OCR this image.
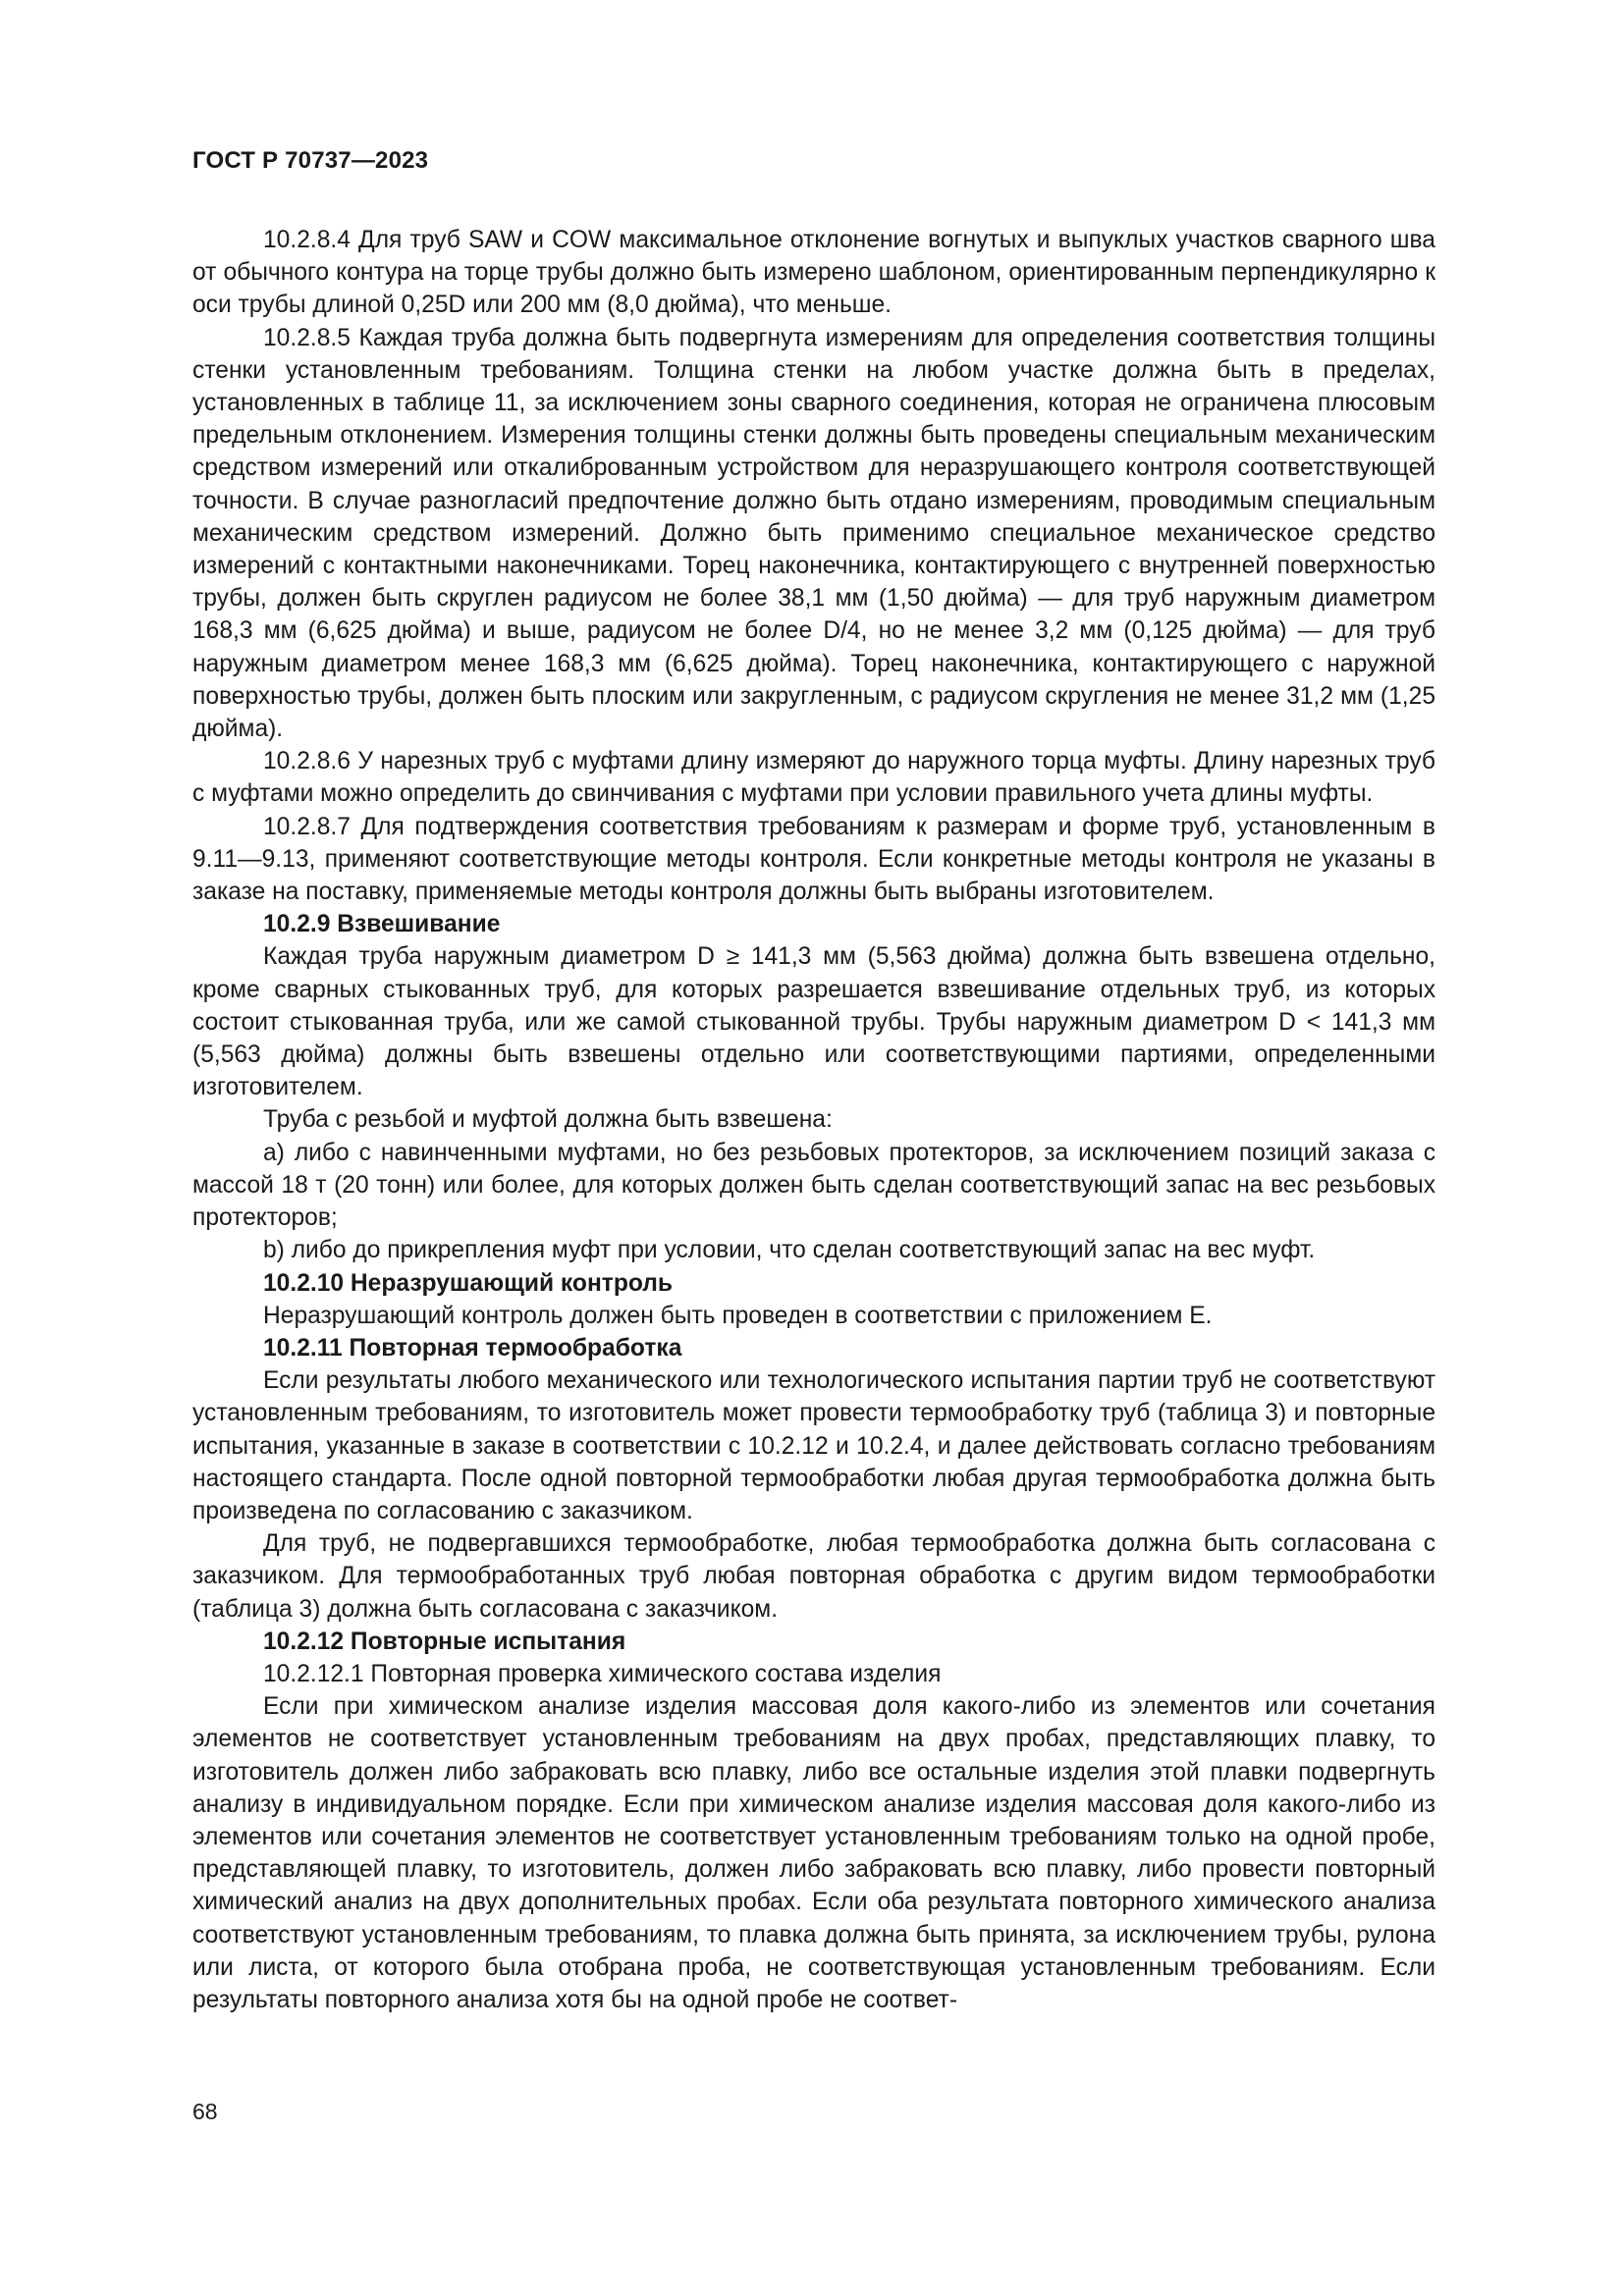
ГОСТ Р 70737—2023

10.2.8.4 Для труб SAW и COW максимальное отклонение вогнутых и выпуклых участков сварного шва от обычного контура на торце трубы должно быть измерено шаблоном, ориентированным перпендикулярно к оси трубы длиной 0,25D или 200 мм (8,0 дюйма), что меньше.

10.2.8.5 Каждая труба должна быть подвергнута измерениям для определения соответствия толщины стенки установленным требованиям. Толщина стенки на любом участке должна быть в пределах, установленных в таблице 11, за исключением зоны сварного соединения, которая не ограничена плюсовым предельным отклонением. Измерения толщины стенки должны быть проведены специальным механическим средством измерений или откалиброванным устройством для неразрушающего контроля соответствующей точности. В случае разногласий предпочтение должно быть отдано измерениям, проводимым специальным механическим средством измерений. Должно быть применимо специальное механическое средство измерений с контактными наконечниками. Торец наконечника, контактирующего с внутренней поверхностью трубы, должен быть скруглен радиусом не более 38,1 мм (1,50 дюйма) — для труб наружным диаметром 168,3 мм (6,625 дюйма) и выше, радиусом не более D/4, но не менее 3,2 мм (0,125 дюйма) — для труб наружным диаметром менее 168,3 мм (6,625 дюйма). Торец наконечника, контактирующего с наружной поверхностью трубы, должен быть плоским или закругленным, с радиусом скругления не менее 31,2 мм (1,25 дюйма).

10.2.8.6 У нарезных труб с муфтами длину измеряют до наружного торца муфты. Длину нарезных труб с муфтами можно определить до свинчивания с муфтами при условии правильного учета длины муфты.

10.2.8.7 Для подтверждения соответствия требованиям к размерам и форме труб, установленным в 9.11—9.13, применяют соответствующие методы контроля. Если конкретные методы контроля не указаны в заказе на поставку, применяемые методы контроля должны быть выбраны изготовителем.

10.2.9 Взвешивание

Каждая труба наружным диаметром D ≥ 141,3 мм (5,563 дюйма) должна быть взвешена отдельно, кроме сварных стыкованных труб, для которых разрешается взвешивание отдельных труб, из которых состоит стыкованная труба, или же самой стыкованной трубы. Трубы наружным диаметром D < 141,3 мм (5,563 дюйма) должны быть взвешены отдельно или соответствующими партиями, определенными изготовителем.

Труба с резьбой и муфтой должна быть взвешена:

a) либо с навинченными муфтами, но без резьбовых протекторов, за исключением позиций заказа с массой 18 т (20 тонн) или более, для которых должен быть сделан соответствующий запас на вес резьбовых протекторов;

b) либо до прикрепления муфт при условии, что сделан соответствующий запас на вес муфт.

10.2.10 Неразрушающий контроль

Неразрушающий контроль должен быть проведен в соответствии с приложением Е.

10.2.11 Повторная термообработка

Если результаты любого механического или технологического испытания партии труб не соответствуют установленным требованиям, то изготовитель может провести термообработку труб (таблица 3) и повторные испытания, указанные в заказе в соответствии с 10.2.12 и 10.2.4, и далее действовать согласно требованиям настоящего стандарта. После одной повторной термообработки любая другая термообработка должна быть произведена по согласованию с заказчиком.

Для труб, не подвергавшихся термообработке, любая термообработка должна быть согласована с заказчиком. Для термообработанных труб любая повторная обработка с другим видом термообработки (таблица 3) должна быть согласована с заказчиком.

10.2.12 Повторные испытания

10.2.12.1 Повторная проверка химического состава изделия

Если при химическом анализе изделия массовая доля какого-либо из элементов или сочетания элементов не соответствует установленным требованиям на двух пробах, представляющих плавку, то изготовитель должен либо забраковать всю плавку, либо все остальные изделия этой плавки подвергнуть анализу в индивидуальном порядке. Если при химическом анализе изделия массовая доля какого-либо из элементов или сочетания элементов не соответствует установленным требованиям только на одной пробе, представляющей плавку, то изготовитель, должен либо забраковать всю плавку, либо провести повторный химический анализ на двух дополнительных пробах. Если оба результата повторного химического анализа соответствуют установленным требованиям, то плавка должна быть принята, за исключением трубы, рулона или листа, от которого была отобрана проба, не соответствующая установленным требованиям. Если результаты повторного анализа хотя бы на одной пробе не соответ-

68
